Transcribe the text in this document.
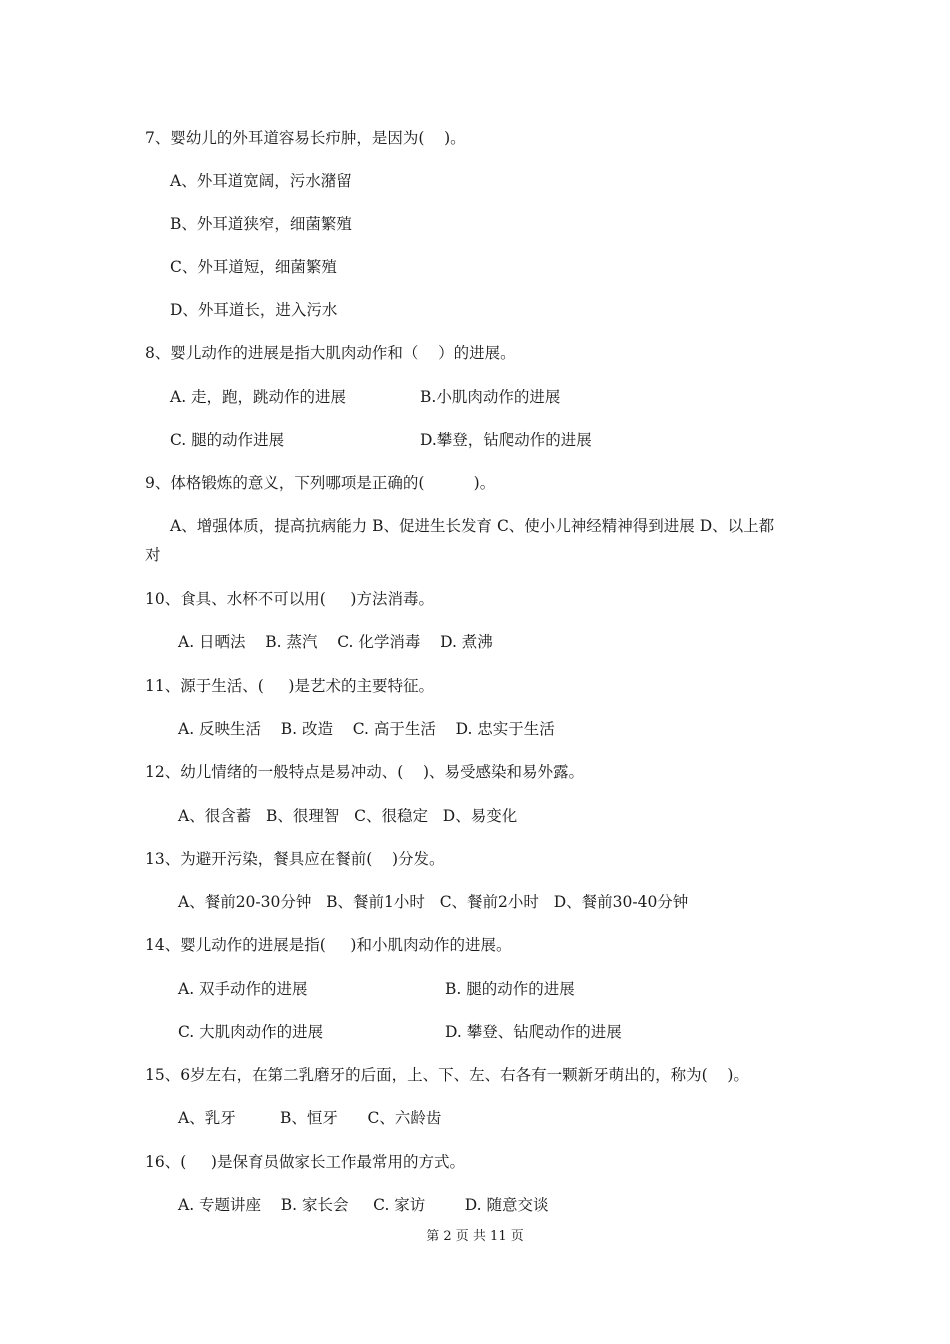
7、婴幼儿的外耳道容易长疖肿，是因为(    )。
A、外耳道宽阔，污水潴留
B、外耳道狭窄，细菌繁殖
C、外耳道短，细菌繁殖
D、外耳道长，进入污水
8、婴儿动作的进展是指大肌肉动作和（    ）的进展。
A. 走，跑，跳动作的进展	B.小肌肉动作的进展
C. 腿的动作进展	D.攀登，钻爬动作的进展
9、体格锻炼的意义，下列哪项是正确的(          )。
A、增强体质，提高抗病能力 B、促进生长发育 C、使小儿神经精神得到进展 D、以上都对
10、食具、水杯不可以用(     )方法消毒。
A. 日晒法    B. 蒸汽    C. 化学消毒    D. 煮沸
11、源于生活、(     )是艺术的主要特征。
A. 反映生活    B. 改造    C. 高于生活    D. 忠实于生活
12、幼儿情绪的一般特点是易冲动、(    )、易受感染和易外露。
A、很含蓄   B、很理智   C、很稳定   D、易变化
13、为避开污染，餐具应在餐前(    )分发。
A、餐前20-30分钟   B、餐前1小时   C、餐前2小时   D、餐前30-40分钟
14、婴儿动作的进展是指(     )和小肌肉动作的进展。
A. 双手动作的进展	B. 腿的动作的进展
C. 大肌肉动作的进展	D. 攀登、钻爬动作的进展
15、6岁左右，在第二乳磨牙的后面，上、下、左、右各有一颗新牙萌出的，称为(    )。
A、乳牙         B、恒牙      C、六龄齿
16、(     )是保育员做家长工作最常用的方式。
A. 专题讲座    B. 家长会     C. 家访        D. 随意交谈
第 2 页 共 11 页
